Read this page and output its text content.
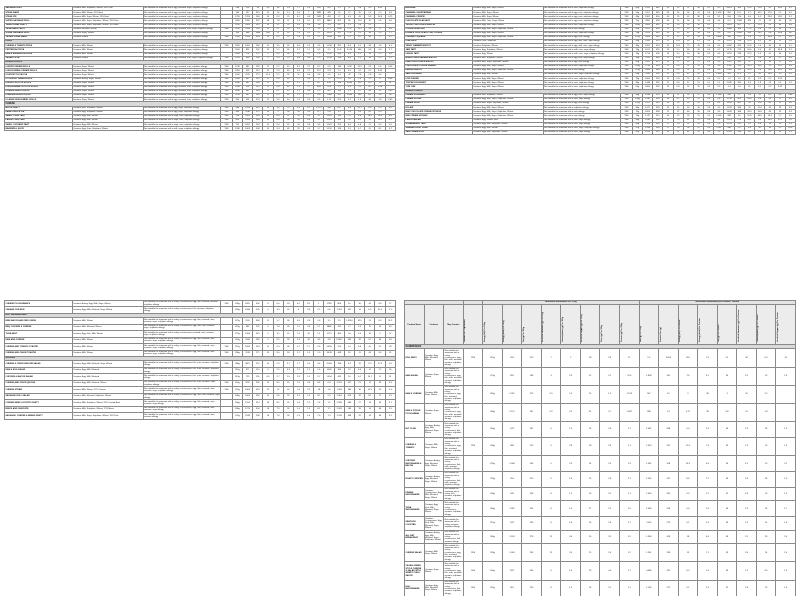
SAUSAGE ROLL	Contains Milk, Sulphites, Wheat, 18% Pork	Not suitable for someone with a egg, mustard, soya, sulphites allergy.		298	216	18	5.6	36	1.4	7.7	1.8	350	207	2.1	11	0.6	4.3	0.92	
STEAK BAKE	Contains Milk, Wheat, 21% Beef	Not suitable for someone with a egg, mustard, soya, sulphites allergy.		146	237	310	41	16	1.2	9.6	7	1881	449	16	12	35	1.4	2.4	0.6
STEAK PIE	Contains Milk, Soya, Wheat, 25% Beef	Not suitable for someone with a egg, mustard, soya, sulphites allergy.		1756	1299	180	14	0.9	25	6.1	0.6	2431	491	17	4.9	43	3.3	14.8	0.75
SUPER SAUSAGE ROLL	Contains Milk, Soya, Sulphites, Wheat, 18% Pork	Not suitable for someone with a egg, mustard, soya, sulphites allergy.		1456	1285	307	18	7.8	27	2.3	0.7	372	3863	491	30	11.6	35	2.6	0.6
TRADITIONAL PASTY	Contains Milk, Soya, Sulphites, Wheat, 10% Beef	Not suitable for someone with a egg, mustard, soya, sulphites allergy.		1156	1085	319	13	3.7	23	9.8	0.8	3.8	9.8	0.6	2.1	9.8	1.2		
VEGETABLE PASTY	Contains Mustard, Wheat	Not suitable for someone with a egg, mustard, nuts, soya, sulphites allergy.	YES	1352	1058	196	10	0.7	28	5.6	1.2	3.3	11.2	1058	27.6	19.1	3.6	7.7	0.8
STEAK SAUSAGE ROLL	Contains Soya, Wheat	Not suitable for someone with a egg, mustard, soya, sulphites allergy.		763	366	1488	314	11	10	7.6	0.2	1.1	1.419	197	17.6	9.2	36	2.4	7.7
VEGAN STEAK BAKE	Contains Wheat	Not suitable for someone with a egg, mustard, soya, sulphites allergy.	YES	1356	1298	305	16	8.1	16	2.6	0.5	1.1	1.648	393	15	11.7	40	2	6.7
PIZZA																			
CHEESE & TOMATO PIZZA	Contains Milk, Wheat	Not suitable for someone with a egg, mustard, soya, sulphites allergy.	YES	1056	1095	168	11	3.5	26	6.8	1.6	2.4	1.236	282	8.3	3.1	38	1.6	6.1
PEPPERONI PIZZA	Contains Milk, Wheat	Not suitable for someone with a egg, mustard, soya, sulphites allergy.		1156	855	202	13	5.1	26	9.7	1.1	6.3	2.5	10.8	1.214	306	9.8	4.4	1.7
HAM & MUSHROOM PIZZA	Contains Milk, Wheat	Not suitable for someone with a egg, mustard, soya, sulphites allergy.		1496	778	171	9	0.5	28	2.6	3.2	2.6	1.116	286	6.6	3.2	33	5.9	0.8
VEGAN PIZZA	Contains Wheat	Not suitable for someone with a egg, mustard, nuts, soya, sulphites allergy.	YES	1216	858	166	9	2.4	23	6.8	0.6	2.9	1.216	318	8.6	3.1	36	2.4	1.1
BREAD ROLLS																			
6 WHITE DINNER ROLLS	Contains Soya, Wheat	Not suitable for someone with a egg, mustard, nuts, sulphites allergy.	YES	1736	987	236	11	0.7	49	3.1	2.1	8.7	0.6	146	0.98	15.5	2.6	0.6	0.52
6 WHOLEMEAL DINNER ROLLS	Contains Soya, Wheat	Not suitable for someone with a egg, mustard, nuts, sulphites allergy.	YES	1456	916	212	11	2.6	44	9.6	2.7	457	127	1.2	0.3	24	0.7	6.35	
6 PACKET FOCACCIA	Contains Soya, Wheat	Not suitable for someone with a egg, mustard, nuts, sulphites allergy.	YES	1516	1131	173	11.4	5.1	26	10	0.6	9.8	0.6	3.4	42	2.6	2.6	5.6	
6 COUNTRY GRAIN ROLLS	Contains Barley, Soya, Wheat	Not suitable for someone with a egg, mustard, nuts, sulphites allergy.	YES	1036	987	219	11	0.8	44	1.7	0.8	8	1.9	1.772	172	2.6	1.2	0	8.66
6 WHITE SCOTCH ROLLS	Contains Soya, Wheat	Not suitable for someone with a egg, mustard, nuts, sulphites allergy.	YES	1096	987	236	11	0.7	48	2.2	0	8.7	0.61	148	1.000	234	6.0	1.8	31
6 WHOLEMEAL SCOTCH ROLLS	Contains Soya, Wheat	Not suitable for someone with a egg, mustard, nuts, sulphites allergy.	YES	1056	916	215	11	0.6	44	1.9	2.7	649	113	1.1	0.4	23	0.7	5.58	
6 LARGE WHITE ROLLS	Contains Soya, Wheat	Not suitable for someone with a egg, mustard, nuts, sulphites allergy.	YES	1096	987	246	11	0.7	49	1.2	0.8	2.5	987	136	1.3	0.7	44	1.1	9.35
6 MEDIUM WHITE ROLLS	Contains Soya, Wheat	Not suitable for someone with a egg, mustard, nuts, sulphites allergy.	YES	1156	987	246	11	0.77	48	1.1	0.77	146	1.000	147	1.400	248	6.2	1.8	34
6 LARGE WHOLEMEAL ROLLS	Contains Soya, Wheat	Not suitable for someone with a egg, mustard, nuts, sulphites allergy.	YES	996	916	213	11	0.6	44	1.9	0.9	2.6	1.11	225	5.1	1.3	30	1.6	6.65
CHEESE																			
APPLE PASTY	Contains Milk, Sulphites, Wheat	Not suitable for someone with a egg, soya, sulphites allergy.	YES	986	1319	319	18	10	70	3.3	0.7	2.175	350	10.7	8.8	31.7	0.6	0.5	0.9
FAMILY APPLE PIE	Contains Egg, Sulphites, Wheat	Not suitable for someone with a egg, soya, sulphites allergy.	YES	966	1136	271	13	5	38	18	3.3	977	231	3.1	1.6	0.9	4.1	0.3	
SMALL CURD TART	Contains Egg, Milk, Wheat	Not suitable for someone with a soya, nuts, sulphites allergy.	YES	736	1161	248	13	8.4	37	20	8.3	3.7	1.019	114	17.7	4.4	26.4	16.6	8.8
LARGE CURD TART	Contains Egg, Milk, Wheat	Not suitable for someone with a soya, nuts, sulphites allergy.	YES	856	1249	260	18	0.8	38	14	6.4	3.7	1.091	269	10	4.1	31	18.7	8.7
SMALL CUSTARD TART	Contains Egg, Milk, Wheat	Not suitable for someone with a soya, nuts, sulphites allergy.	YES	752	1095	234	15	6.4	35	10	3.6	3.6	1.061	193	8.6	4.8	21	6.9	5.9
BAKEWELL SLICE	Contains Egg, Nuts, Sulphites, Wheat	Not suitable for someone with a milk, soya, sulphites allergy.	YES	1336	1063	308	16	8.3	48	29	2.0	1.7	1.159	318	9.2	4.7	25	8.1	0.7
BROWNIE	Contains Egg, Milk, Soya, Wheat	Not suitable for someone with a nuts, sulphites allergy.	YES	85g	1931	462	23	13	57	44	4.1	4.5	0.441	393	21.3	12.8	45	38.3	5.2
CARAMEL SHORTBREAD	Contains Milk, Soya, Wheat	Not suitable for someone with a egg, nuts, sulphites allergy.	YES	54g	1921	489	28	18	56	41	3.4	1.093	282	15.1	9.7	30.2	17.8	2.1	0.2
CARAMEL CRISPIE	Contains Milk, Soya, Wheat	Not suitable for someone with a egg, nuts, sulphites allergy.	YES	48g	1981	450	20	13	62	38	0.4	3.1	994	216	9.6	6.2	29.8	18.2	0.1
CHOCOLATE FLAPJACK	Contains Milk, Oats, Soya, Wheat	Not suitable for someone with a egg, nuts, sulphites allergy.	YES	75g	2090	498	26	16	56	33	4.4	4.4	0.3	1.568	374	21	13	41	28
TRIPLE CHOCOLATE MUFFIN	Contains Egg, Milk, Soya, Wheat	Not suitable for someone with a nuts, sulphites allergy.	YES	116g	1806	432	23	9.9	50	30	4.1	2	1.878	497	27	11.5	53	38	4.8
COOKIE MONSTER	Contains Egg, Milk, Soya, Sulphites, Wheat	Not suitable for someone with a nuts allergy.	YES	82g	2017	458	20	7.2	65	38	4.6	5.8	1.666	398	17.4	6.6	53	30	4
DOUBLE CHOCOLATE CHIP COOKIE	Contains Egg, Milk, Soya, Wheat	Not suitable for someone with a nuts, sulphites allergy.	YES	78g	1874	449	20	10	61	36	4.4	4.4	0.6	1.454	431	19.2	9.8	58.6	48
CURRANT SQUARE	Contains Egg, Milk, Soya, Sulphites, Wheat	Not suitable for someone with a egg, nuts, allergy.	YES	122g	1604	382	15	5.2	60	28	3.4	3.636	398	15.5	5.8	21	30.8	0.7	0.4
FLAPJACK	Contains Oats, Sulphites	Not suitable for someone with a egg, milk, nuts, soya allergy.	YES	62g	1990	478	21	10.1	60	9.5	3.9	3.8	1.231	298	12.4	6.5	38	15	2.8
TEDDY DABBER BISCUIT	Contains Sulphites, Wheat	Not suitable for someone with a egg, milk, nuts, soya allergy.	YES	48g	1992	453	22	10.5	79	43	5.6	3.4	1.082	284	10.6	5.9	39	23	3.1
JAM TART	Contains Egg, Sulphites, Wheat	Not suitable for someone with a milk, nuts, soya allergy.	YES	74g	1071	399	13	5.5	66	33	3.4	2.2	1.178	279	10.6	3.9	45	34.8	2.2
LEMON TART	Contains Egg, Wheat	Not suitable for someone with a milk, nuts, soya, sulphites allergy.	YES	78g	1713	409	16	6.1	53	36	3.2	3.6	1.319	318	12.9	5.3	41	34	3.9
BONNY SHORTBREAD BISCUIT	Contains Milk, Sulphites, Wheat	Not suitable for someone with a egg, nuts, soya allergy.	YES	36g	2114	480	21	14.6	66	21	7.5	0.7	936	211	10	6.6	38	9.7	0.8
OAKS CHOCOLATE BISCUIT	Contains Milk, Soya, Sulphites, Wheat	Not suitable for someone with a egg, nuts allergy.	YES	41g	1992	475	23	12	62	27	8.3	0.6	1.012	284	11	5.8	34	11	3.4
CHOCOLATE TOFFEE DANISH	Contains Egg, Milk, Soya, Wheat	Not suitable for someone with a nuts, sulphites allergy.	YES	126g	1736	418	22	9.6	51	24	3.4	5.6	0.43	513	16.9	10.2	31	18.1	4.4
DANISH PASTRY	Contains Egg, Milk, Soya, Sulphites, Wheat	Not suitable for someone with a nuts allergy.	YES	125g	1646	368	19	8.9	51	22	4.4	0.6	2.041	511	20.9	9.6	70.4	40.2	3.8
JAM DOUGHNUT	Contains Egg, Milk, Wheat	Not suitable for someone with a nuts, soya, sulphites allergy.	YES	69g	1198	392	21	5.6	47	16	1.2	1.669	399	11.8	5.2	44	16.6	3.9	0.4
ICED FINGER	Contains Egg, Milk, Soya, Wheat	Not suitable for someone with a nuts, sulphites allergy.	YES	78g	1606	390	16	6.8	59	35	3.4	5.9	1.4	1.6	21	3.2	5.5	0.53	
TOFFEE DOUGHNUT	Contains Egg, Milk, Soya, Wheat	Not suitable for someone with a nuts, sulphites allergy.	YES	98g	1.406	392	21	6.6	47	21	4.1	1.1	1.049	394	4.3	1.8	41	9.1	5.2
YUM YUM	Contains Egg, Milk, Soya, Wheat	Not suitable for someone with a nuts, sulphites allergy.	YES	53g	1606	390	16	6.8	59	35	3.4	5.9	1.4	1.6	21	3.2	5.5	0.53	
BREAD CAKES																			
CREAM DOUGHNUT	Contains Milk, Sulphites, Wheat	Not suitable for someone with a egg, nuts, soya allergy.	YES	86g	1.644	329	18	11	33	12	3.8	1.568	288	17	9.3	29	8.3	4.6	0.68
CREAM SCONE	Contains Egg, Milk, Soya, Sulphites, Wheat	Not suitable for someone with a nuts, soya allergy.	YES	136g	1.461	334	16	8.7	49	15	3.8	2.8	1.758	423	20.8	8.6	56	17	3.5
CREAM SLICE	Contains Milk, Soya, Sulphites, Wheat	Not suitable for someone with a egg, nuts allergy.	YES	121g	1571	378	24	10	39	16	2.6	4.4	1.618	487	26	12.6	44	19	3.4
ECLAIR	Contains Egg, Milk, Soya, Wheat	Not suitable for someone with a sulphites allergy.	YES	98g	1.677	393	24	13	34	20	3.4	3.2	1.318	388	23	12.6	34	18	3.4
MINI CHOCOLATE CREAM SPONGE	Contains Egg, Milk, Soya, Sulphites, Wheat	Not suitable for someone with a nuts allergy.	YES	75g	1694	398	21	12	46	30	3.8	3.6	1.449	348	18.4	10.8	43	25	3.3
MINI CREAM SPONGE	Contains Egg, Milk, Soya, Sulphites, Wheat	Not suitable for someone with a nuts allergy.	YES	78g	1.197	312	19	13	39	19	3.1	1.036	288	16	10.8	38.6	16.6	2.7	0.5
PEACH MELBA	Contains Egg, Gluten, Milk	Not suitable for someone with a nuts, soya allergy.	YES	83g	1.061	320	17	7.9	41	19	2.8	3.4	1.113	276	14.1	6.6	34.9	19.1	2.4
STRAWBERRY TART	Contains Egg, Milk, Sulphites, Wheat	Not suitable for someone with a nuts, soya allergy.	YES	99g	1.314	316	17	7.6	31	18	3.4	2.8	1.218	291	16	6.8	34	16	2.4
SUMMER FRUIT FLAN	Contains Egg, Milk, Wheat	Not suitable for someone with a nuts, soya, sulphites allergy.	YES	97g	1.436	289	17	7.6	36	22	3.3	2.911	288	13	5.6	35	18	2.1	0.26
JAM CREAM ROLL	Contains Egg, Milk, Sulphites, Wheat	Not suitable for someone with a nuts, soya allergy.	YES	82g	1.613	321	18	11	41	25	3.6	2.6	0.928	288	11.1	6.6	29	18	2.3
CHEESE PLOUGHMAN'S	Contains Barley, Egg, Milk, Soya, Wheat	Not suitable for someone with a celery, crustaceans, egg, fish, mustard, sesame, sulphites allergy.	YES	205g	1825	396	8	6.9	33	6.2	8.1	1	1798	406	19	10	42	6.6	17
CAESAR CHICKEN	Contains Egg, Milk, Mustard, Soya, Wheat	Not suitable for someone with a celery, crustaceans, fish, sesame, sulphites allergy.		185g	1836	205	6	3.9	29	3	3.6	2.2	0.6	1.261	311	13	6.9	31.4	2.1
HOT SANDWICHES																			
BRIE BACON AND RED ONION	Contains Milk, Wheat	Not suitable for someone with a celery, crustaceans, egg, fish, mustard, nuts, sesame, soya, sulphites allergy.		375g	1159	368	11	5.7	38	4.9	3.9	1.6	3.1	1.9	1.3916	429	23	6.6	31.1
BBQ CHICKEN & CHEESE	Contains Milk, Mustard, Wheat	Not suitable for someone with a celery, crustaceans, egg, fish, nuts, sesame, soya, sulphites allergy.		379g	983	231	6	2.8	28	5.1	3.6	1.1	3868	419	17	9.9	70	16	49
TUNA MELT	Contains Egg, Fish, Milk, Wheat	Not suitable for someone with a celery, crustaceans, mustard, nuts, sesame, soya, sulphites allergy.		275g	1098	261	9	3.1	25	1.2	10	1.1	1773	364	16	9.9	39	9	27
HAM AND CHEESE	Contains Milk, Wheat	Not suitable for someone with a celery, crustaceans, egg, fish, mustard, nuts, sesame, soya, sulphites allergy.		320g	1108	286	9	8.2	38	2.3	39	3.6	3.8	1.9617	369	18	9.2	43	3.6
CHEESE AND TOMATO TOASTIE	Contains Milk, Wheat	Not suitable for someone with a celery, crustaceans, egg, fish, mustard, nuts, sesame, soya, sulphites allergy.	YES	215g	1098	263	11	6.3	38	1.7	1.1	2.6	2.818	373	14	8.8	41	3.1	28
CHEESE AND ONION TOASTIE	Contains Milk, Wheat	Not suitable for someone with a celery, crustaceans, egg, fish, mustard, nuts, sesame, soya, sulphites allergy.	YES	246g	1133	271	13	8.6	34	2.1	1.3	1.9	3.418	448	18	11	46	3.4	31
SALADS																			
CHEESE & ONION SAVOUR SALAD	Contains Egg, Milk, Mustard, Soya, Wheat	Not suitable for someone with a celery, crustaceans, fish, nuts, sesame, sulphites allergy.	YES	380g	3821	207	10	5.9	9.7	1.7	4.5	0.6	3.094	788	4.2	19	9.9	27.6	1.6
HAM & EGG SALAD	Contains Egg, Milk, Mustard	Not suitable for someone with a celery, crustaceans, fish, nuts, sesame, sulphites allergy.		315g	477	114	6	2.1	3.3	2.2	1.3	1.6	1.662	363	19	6.9	11	7.1	36
CHICKEN & BACON SALAD	Contains Egg, Milk, Mustard	Not suitable for someone with a celery, crustaceans, fish, nuts, sesame, sulphites allergy.		313g	729	116	6.6	2.7	5.9	3.3	1.3	9.7	1.854	443	16	6.2	16.7	11	31
CHEESE AND ONION QUICHE	Contains Egg, Milk, Mustard, Wheat	Not suitable for someone with a celery, crustaceans, fish, nuts, sesame, soya, sulphites allergy.	YES	116g	1119	236	13	8.5	16	1.9	4.4	8.8	0.8	2.591	417	21	11	26	3.3
CHEESE STRAW	Contains Milk, Wheat, 27% Cheese	Not suitable for someone with a celery, crustaceans, egg, fish, mustard, nuts, sesame, soya, sulphites allergy.	YES	116g	1663	393	22	13	34	1.6	2.9	18	1.8	1.563	306	18	11.5	31	1.6
SAUSAGE ROLL SALAD	Contains Milk, Mustard, Sulphites, Wheat	Not suitable for someone with a celery, crustaceans, egg, fish, nuts, sesame, soya allergy.		346g	1063	256	14	6.6	18	3.2	1.4	8.1	0.9	1.361	316	18	8.1	21	3.9
CORNED BEEF & POTATO PASTY	Contains Milk, Sulphites, Wheat, 23% Corned Beef	Not suitable for someone with a celery, crustaceans, egg, fish, mustard, nuts, sesame, soya allergy.		166g	1314	313	18	8.1	29	1.6	1.9	7.6	1.1	2.189	486	27	13	39	2.1
MINCE AND ONION PIE	Contains Milk, Sulphites, Wheat, 17% Mince	Not suitable for someone with a celery, crustaceans, egg, fish, mustard, nuts, sesame, soya allergy.		186g	1276	304	18	7.9	26	1.6	1.9	8.1	1.1	2.361	563	33	14	48	2.9
SAUSAGE, CHEESE & BEANS PASTY	Contains Milk, Soya, Sulphites, Wheat, 18% Pork	Not suitable for someone with a celery, crustaceans, egg, fish, mustard, nuts, sesame allergy.		176g	1248	298	16	7.6	28	1.9	1.6	7.6	1.3	2.196	498	29	13	46	3.1
				Nutritional Information Per 100g								Nutritional Information per Product / Portion							
Product Name	Contains	May Contain	Suitable for Vegetarians	Energy (kJ) Per 100g	Energy (kcal) Per 100g	Fat (g) Per 100g	of which Saturates (g) Per 100g	Carbohydrate (g) Per 100g	of which Sugars (g) Per 100g	Fibre (g) Per 100g	Protein (g) Per 100g	Salt (g) Per 100g	Portion Size (g)	Energy (kJ) Per Portion	Energy (kcal) Per Portion	Fat (g) Per Portion	of which Saturates (g) Per Portion	Carbohydrate (g) Per Portion	of which Sugars (g) Per Portion

SANDWICHES																			
EGG MAYO	Contains Egg, Milk, Mustard, Wheat	Not suitable for someone with a celery, crustaceans, egg, fish, milk, mustard, sesame, sulphites allergy.	YES	215g	918	219	7	2	28	2.8	11	1.2	2.656	261	7.9	2.1	34	0.9	14
HAM SALAD	Contains Soya, Wheat	Not suitable for someone with a celery, crustaceans, egg, fish, milk, mustard, sesame, sulphites allergy.		179g	659	148	3	2.3	22	2.2	11.6	1.898	261	7.6	3.1	30	3.1	13	1.6
HAM & CHEESE	Contains Milk, Soya, Wheat	Not suitable for someone with a celery, crustaceans, egg, fish, mustard, sesame, sulphites allergy.		305g	1.015	273	9.5	5.5	25	1.5	1.073	567	19	9	46	3	16	2.1	
HAM & PICKLE PLOUGHMAN	Contains Soya, Wheat	Not suitable for someone with a celery, crustaceans, egg, fish, milk, mustard, sesame, sulphites allergy.		236g	1.157	267	9.2	2.5	35	2.7	1.087	288	7.6	2.17	38	6.8	14	1.8	
BLT CLUB	Contains Barley, Egg, Milk, Mustard, Soya, Wheat	Not suitable for someone with a celery, crustaceans, fish, sesame, sulphites allergy.		240g	978	247	6	1.9	26	3.6	1.1	1.687	288	9.4	3.3	34	2.9	18	1.3
CHEESE & TOMATO	Contains Milk, Soya, Wheat	Not suitable for someone with a celery, crustaceans, egg, fish, mustard, sesame, sulphites allergy.	YES	198g	986	213	9	2.8	28	2.8	1.1	1.013	291	11.6	7.3	33	2.9	13	1.6
CHICKEN MAYONNAISE & BACON	Contains Barley, Egg, Mustard, Soya, Wheat	Not suitable for someone with a celery, crustaceans, fish, milk, sesame, sulphites allergy.		235g	1.048	249	9	2.9	24	2.9	1.4	1.361	318	13.6	4.6	36	4.1	19	2.1
ROAST CHICKEN	Contains Barley, Egg, Mustard, Soya, Wheat	Not suitable for someone with a celery, crustaceans, fish, milk, sesame, sulphites allergy.		228g	916	219	6	1.6	25	2.8	1.1	1.246	291	8.6	2.7	34	3.9	18	1.9
PRAWN MAYONNAISE	Contains Crustaceans, Egg, Milk, Mustard, Soya, Wheat	Not suitable for someone with a celery, fish, sesame, sulphites allergy.		198g	949	226	8	1.9	26	2.2	1.1	1.049	263	9.3	2.1	31	3.4	13	1.5
TUNA MAYONNAISE	Contains Egg, Fish, Milk, Mustard, Soya, Wheat	Not suitable for someone with a celery, crustaceans, sesame, sulphites allergy.		206g	1.011	241	8	1.6	27	2.2	1.6	1.368	298	9.6	2.6	34	2.9	16	1.7
SEAFOOD COCKTAIL	Contains Crustaceans, Egg, Fish, Milk, Mustard, Soya, Wheat	Not suitable for someone with a celery, sesame, sulphites allergy.		215g	978	233	8	1.8	26	2.6	1.1	1.116	279	9.1	2.3	33	3.1	14	1.4
ALL DAY BREAKFAST	Contains Barley, Egg, Milk, Mustard, Soya, Sulphites, Wheat	Not suitable for someone with a celery, crustaceans, fish, sesame allergy.		266g	1.163	278	11	3.6	26	2.9	1.9	1.968	418	18	6.6	38	3.1	18	2.4
CHEESE SALAD	Contains Milk, Soya, Wheat	Not suitable for someone with a celery, crustaceans, egg, fish, mustard, sesame, sulphites allergy.	YES	228g	1.016	243	11	5.9	25	2.6	1.2	1.261	298	13	7.1	33	3.4	14	1.6
VEGAN GREEK STYLE CHEESE & SALAD WITH SWEET CHILLI SAUCE	Contains Soya, Wheat	Not suitable for someone with a celery, crustaceans, egg, fish, milk, mustard, sesame, sulphites allergy.	YES	196g	878	209	6	1.6	29	4.6	1.1	0.986	231	6.3	1.6	33	5.1	8.9	1.3
EGG MAYONNAISE	Contains Egg, Milk, Mustard, Soya, Wheat	Not suitable for someone with a celery, crustaceans, fish, sesame, sulphites allergy.	YES	216g	961	229	8	1.9	26	2.1	1.1	1.136	271	9.1	2.3	31	2.6	13	1.4
